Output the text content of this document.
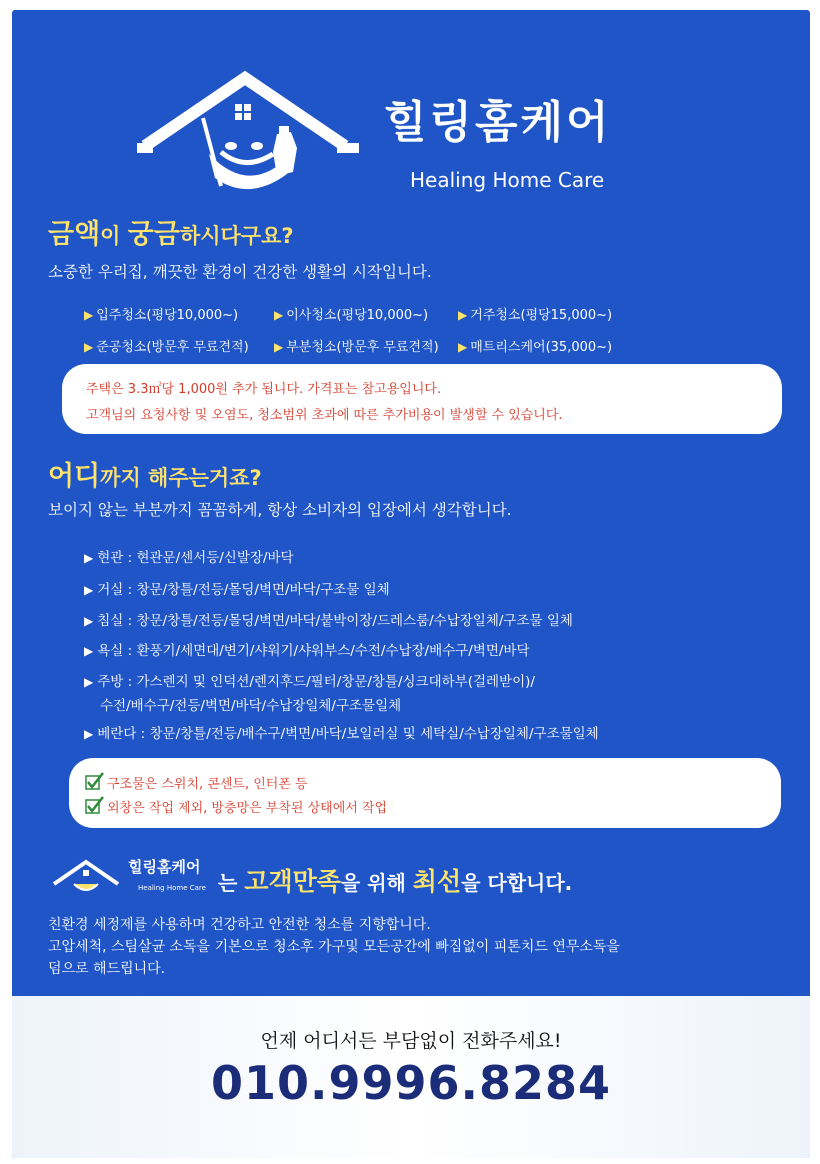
힐링홈케어
Healing Home Care
금액이 궁금하시다구요?
소중한 우리집, 깨끗한 환경이 건강한 생활의 시작입니다.
▶ 입주청소(평당10,000~)	▶ 이사청소(평당10,000~) ▶ 거주청소(평당15,000~)
▶ 준공청소(방문후 무료견적) ▶ 부분청소(방문후 무료견적) ▶ 매트리스케어(35,000~)
주택은 3.3㎡당 1,000원 추가 됩니다. 가격표는 참고용입니다.
고객님의 요청사항 및 오염도, 청소범위 초과에 따른 추가비용이 발생할 수 있습니다.
어디까지 해주는거죠?
보이지 않는 부분까지 꼼꼼하게, 항상 소비자의 입장에서 생각합니다.
▶ 현관 : 현관문/센서등/신발장/바닥
▶ 거실 : 창문/창틀/전등/몰딩/벽면/바닥/구조물 일체
▶ 침실 : 창문/창틀/전등/몰딩/벽면/바닥/붙박이장/드레스룸/수납장일체/구조물 일체
▶ 욕실 : 환풍기/세면대/변기/샤워기/샤워부스/수전/수납장/배수구/벽면/바닥
▶ 주방 : 가스렌지 및 인덕션/렌지후드/필터/창문/창틀/싱크대하부(걸레받이)/
수전/배수구/전등/벽면/바닥/수납장일체/구조물일체
▶ 베란다 : 창문/창틀/전등/배수구/벽면/바닥/보일러실 및 세탁실/수납장일체/구조물일체
구조물은 스위치, 콘센트, 인터폰 등
외창은 작업 제외, 방충망은 부착된 상태에서 작업
힐링홈케어
Healing Home Care 는 고객만족을 위해 최선을 다합니다.
친환경 세정제를 사용하며 건강하고 안전한 청소를 지향합니다.
고압세척, 스팀살균 소독을 기본으로 청소후 가구및 모든공간에 빠짐없이 피톤치드 연무소독을
덤으로 해드립니다.
언제 어디서든 부담없이 전화주세요!
010.9996.8284
